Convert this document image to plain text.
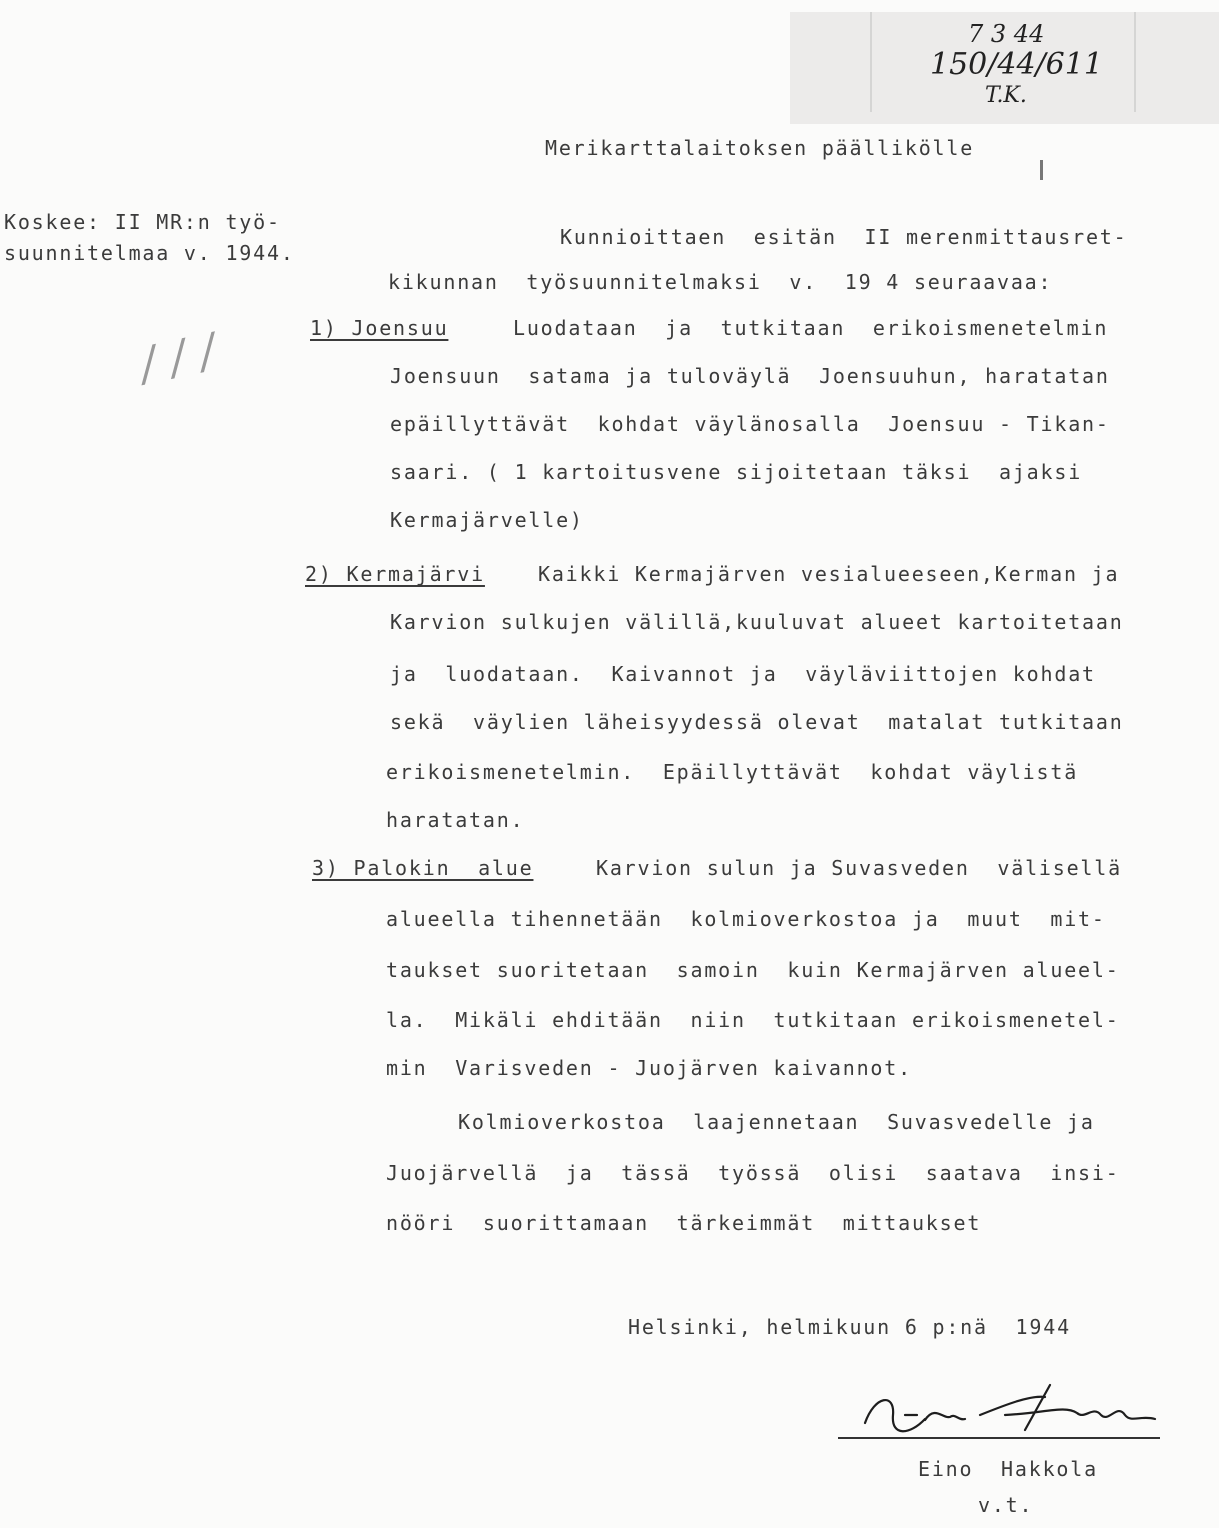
7 3 44
150/44/611
T.K.
Merikarttalaitoksen päällikölle
Koskee: II MR:n työ-
suunnitelmaa v. 1944.
/ / /
Kunnioittaen  esitän  II merenmittausret-
kikunnan  työsuunnitelmaksi  v.  19 4 seuraavaa:
1) Joensuu	Luodataan  ja  tutkitaan  erikoismenetelmin
Joensuun  satama ja tuloväylä  Joensuuhun, haratatan
epäillyttävät  kohdat väylänosalla  Joensuu - Tikan-
saari. ( 1 kartoitusvene sijoitetaan täksi  ajaksi
Kermajärvelle)
2) Kermajärvi	Kaikki Kermajärven vesialueeseen,Kerman ja
Karvion sulkujen välillä,kuuluvat alueet kartoitetaan
ja  luodataan.  Kaivannot ja  väyläviittojen kohdat
sekä  väylien läheisyydessä olevat  matalat tutkitaan
erikoismenetelmin.  Epäillyttävät  kohdat väylistä
haratatan.
3) Palokin  alue	Karvion sulun ja Suvasveden  välisellä
alueella tihennetään  kolmioverkostoa ja  muut  mit-
taukset suoritetaan  samoin  kuin Kermajärven alueel-
la.  Mikäli ehditään  niin  tutkitaan erikoismenetel-
min  Varisveden - Juojärven kaivannot.
Kolmioverkostoa  laajennetaan  Suvasvedelle ja
Juojärvellä  ja  tässä  työssä  olisi  saatava  insi-
nööri  suorittamaan  tärkeimmät  mittaukset
Helsinki, helmikuun 6 p:nä  1944
Eino  Hakkola
v.t.
